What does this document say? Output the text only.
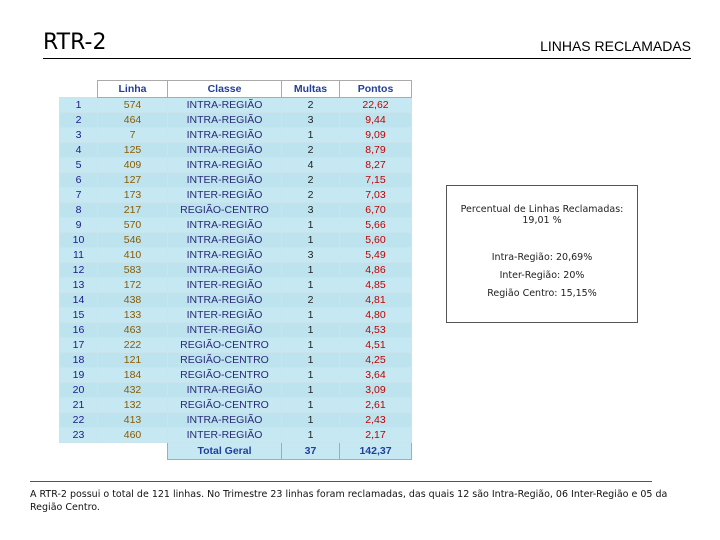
RTR-2	LINHAS RECLAMADAS
	Linha	Classe	Multas	Pontos
1	574	INTRA-REGIÃO	2	22,62
2	464	INTRA-REGIÃO	3	9,44
3	7	INTRA-REGIÃO	1	9,09
4	125	INTRA-REGIÃO	2	8,79
5	409	INTRA-REGIÃO	4	8,27
6	127	INTER-REGIÃO	2	7,15
7	173	INTER-REGIÃO	2	7,03
8	217	REGIÃO-CENTRO	3	6,70
9	570	INTRA-REGIÃO	1	5,66
10	546	INTRA-REGIÃO	1	5,60
11	410	INTRA-REGIÃO	3	5,49
12	583	INTRA-REGIÃO	1	4,86
13	172	INTER-REGIÃO	1	4,85
14	438	INTRA-REGIÃO	2	4,81
15	133	INTER-REGIÃO	1	4,80
16	463	INTER-REGIÃO	1	4,53
17	222	REGIÃO-CENTRO	1	4,51
18	121	REGIÃO-CENTRO	1	4,25
19	184	REGIÃO-CENTRO	1	3,64
20	432	INTRA-REGIÃO	1	3,09
21	132	REGIÃO-CENTRO	1	2,61
22	413	INTRA-REGIÃO	1	2,43
23	460	INTER-REGIÃO	1	2,17
		Total Geral	37	142,37
Percentual de Linhas Reclamadas: 19,01 %
Intra-Região: 20,69%
Inter-Região: 20%
Região Centro: 15,15%
A RTR-2 possui o total de 121 linhas. No Trimestre 23 linhas foram reclamadas, das quais 12 são Intra-Região, 06 Inter-Região e 05 da Região Centro.
